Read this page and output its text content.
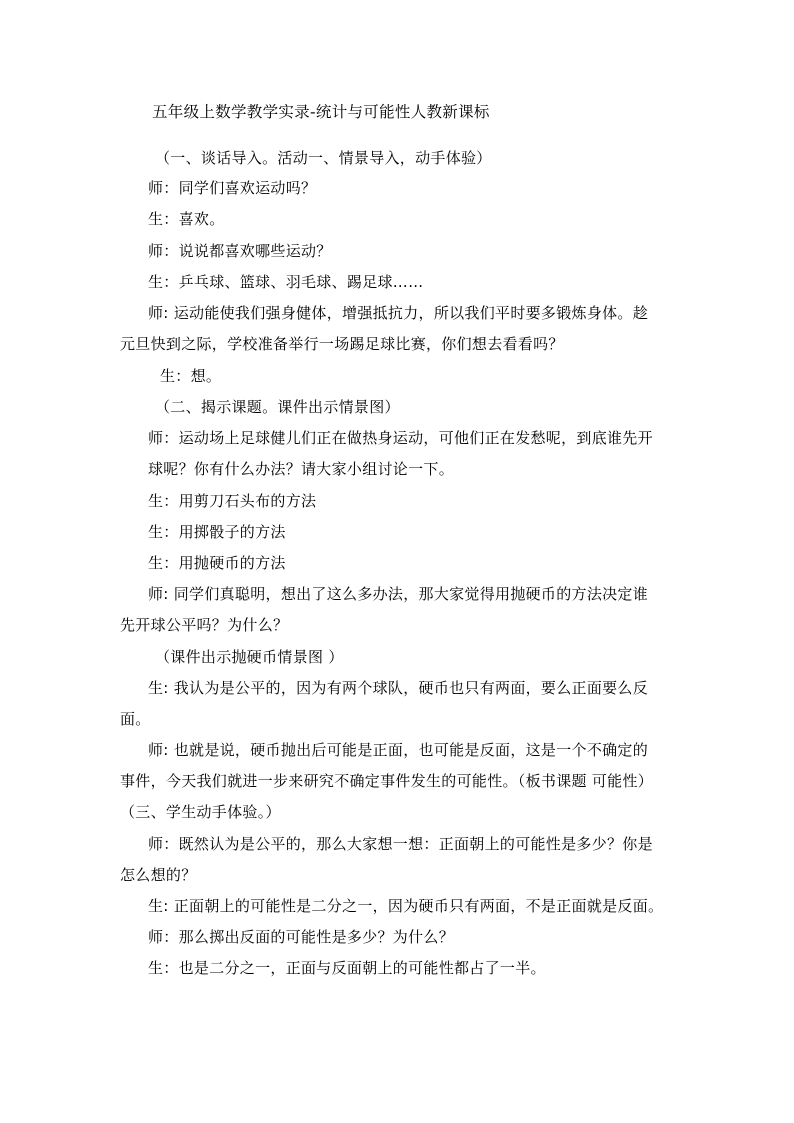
五年级上数学教学实录-统计与可能性人教新课标
（一、谈话导入。活动一、情景导入，动手体验）
师：同学们喜欢运动吗？
生：喜欢。
师：说说都喜欢哪些运动？
生：乒乓球、篮球、羽毛球、踢足球……
师: 运动能使我们强身健体，增强抵抗力，所以我们平时要多锻炼身体。趁
元旦快到之际，学校准备举行一场踢足球比赛，你们想去看看吗？
生：想。
（二、揭示课题。课件出示情景图）
师：运动场上足球健儿们正在做热身运动，可他们正在发愁呢，到底谁先开
球呢？你有什么办法？请大家小组讨论一下。
生：用剪刀石头布的方法
生：用掷骰子的方法
生：用抛硬币的方法
师: 同学们真聪明，想出了这么多办法，那大家觉得用抛硬币的方法决定谁
先开球公平吗？为什么？
（课件出示抛硬币情景图 ）
生: 我认为是公平的，因为有两个球队，硬币也只有两面，要么正面要么反
面。
师: 也就是说，硬币抛出后可能是正面，也可能是反面，这是一个不确定的
事件，今天我们就进一步来研究不确定事件发生的可能性。（板书课题 可能性）
（三、学生动手体验。）
师：既然认为是公平的，那么大家想一想：正面朝上的可能性是多少？你是
怎么想的？
生: 正面朝上的可能性是二分之一，因为硬币只有两面，不是正面就是反面。
师：那么掷出反面的可能性是多少？为什么？
生：也是二分之一，正面与反面朝上的可能性都占了一半。
